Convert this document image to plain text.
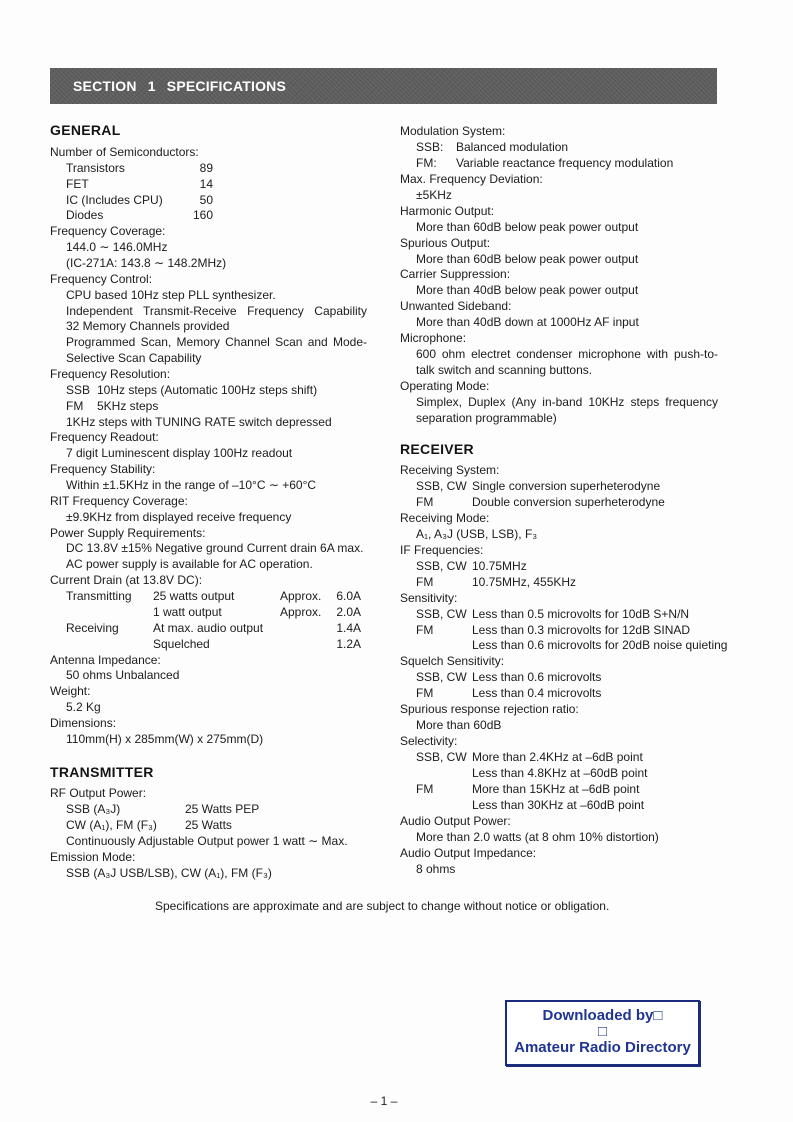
SECTION 1 SPECIFICATIONS
GENERAL
Number of Semiconductors:
Transistors	89
FET	14
IC (Includes CPU)	50
Diodes	160
Frequency Coverage:
144.0 ∼ 146.0MHz
(IC-271A: 143.8 ∼ 148.2MHz)
Frequency Control:
CPU based 10Hz step PLL synthesizer.
Independent Transmit-Receive Frequency Capability
32 Memory Channels provided
Programmed Scan, Memory Channel Scan and Mode-
Selective Scan Capability
Frequency Resolution:
SSB 10Hz steps (Automatic 100Hz steps shift)
FM 5KHz steps
1KHz steps with TUNING RATE switch depressed
Frequency Readout:
7 digit Luminescent display 100Hz readout
Frequency Stability:
Within ±1.5KHz in the range of –10°C ∼ +60°C
RIT Frequency Coverage:
±9.9KHz from displayed receive frequency
Power Supply Requirements:
DC 13.8V ±15% Negative ground Current drain 6A max.
AC power supply is available for AC operation.
Current Drain (at 13.8V DC):
Transmitting 25 watts output	Approx.	6.0A
1 watt output	Approx.	2.0A
Receiving	At max. audio output	1.4A
Squelched	1.2A
Antenna Impedance:
50 ohms Unbalanced
Weight:
5.2 Kg
Dimensions:
110mm(H) x 285mm(W) x 275mm(D)
TRANSMITTER
RF Output Power:
SSB (A₃J)	25 Watts PEP
CW (A₁), FM (F₃) 25 Watts
Continuously Adjustable Output power 1 watt ∼ Max.
Emission Mode:
SSB (A₃J USB/LSB), CW (A₁), FM (F₃)
Modulation System:
SSB: Balanced modulation
FM: Variable reactance frequency modulation
Max. Frequency Deviation:
±5KHz
Harmonic Output:
More than 60dB below peak power output
Spurious Output:
More than 60dB below peak power output
Carrier Suppression:
More than 40dB below peak power output
Unwanted Sideband:
More than 40dB down at 1000Hz AF input
Microphone:
600 ohm electret condenser microphone with push-to-
talk switch and scanning buttons.
Operating Mode:
Simplex, Duplex (Any in-band 10KHz steps frequency
separation programmable)
RECEIVER
Receiving System:
SSB, CW Single conversion superheterodyne
FM	Double conversion superheterodyne
Receiving Mode:
A₁, A₃J (USB, LSB), F₃
IF Frequencies:
SSB, CW 10.75MHz
FM	10.75MHz, 455KHz
Sensitivity:
SSB, CW Less than 0.5 microvolts for 10dB S+N/N
FM	Less than 0.3 microvolts for 12dB SINAD
Less than 0.6 microvolts for 20dB noise quieting
Squelch Sensitivity:
SSB, CW Less than 0.6 microvolts
FM	Less than 0.4 microvolts
Spurious response rejection ratio:
More than 60dB
Selectivity:
SSB, CW More than 2.4KHz at –6dB point
Less than 4.8KHz at –60dB point
FM	More than 15KHz at –6dB point
Less than 30KHz at –60dB point
Audio Output Power:
More than 2.0 watts (at 8 ohm 10% distortion)
Audio Output Impedance:
8 ohms
Specifications are approximate and are subject to change without notice or obligation.
Downloaded by□
□
Amateur Radio Directory
– 1 –
